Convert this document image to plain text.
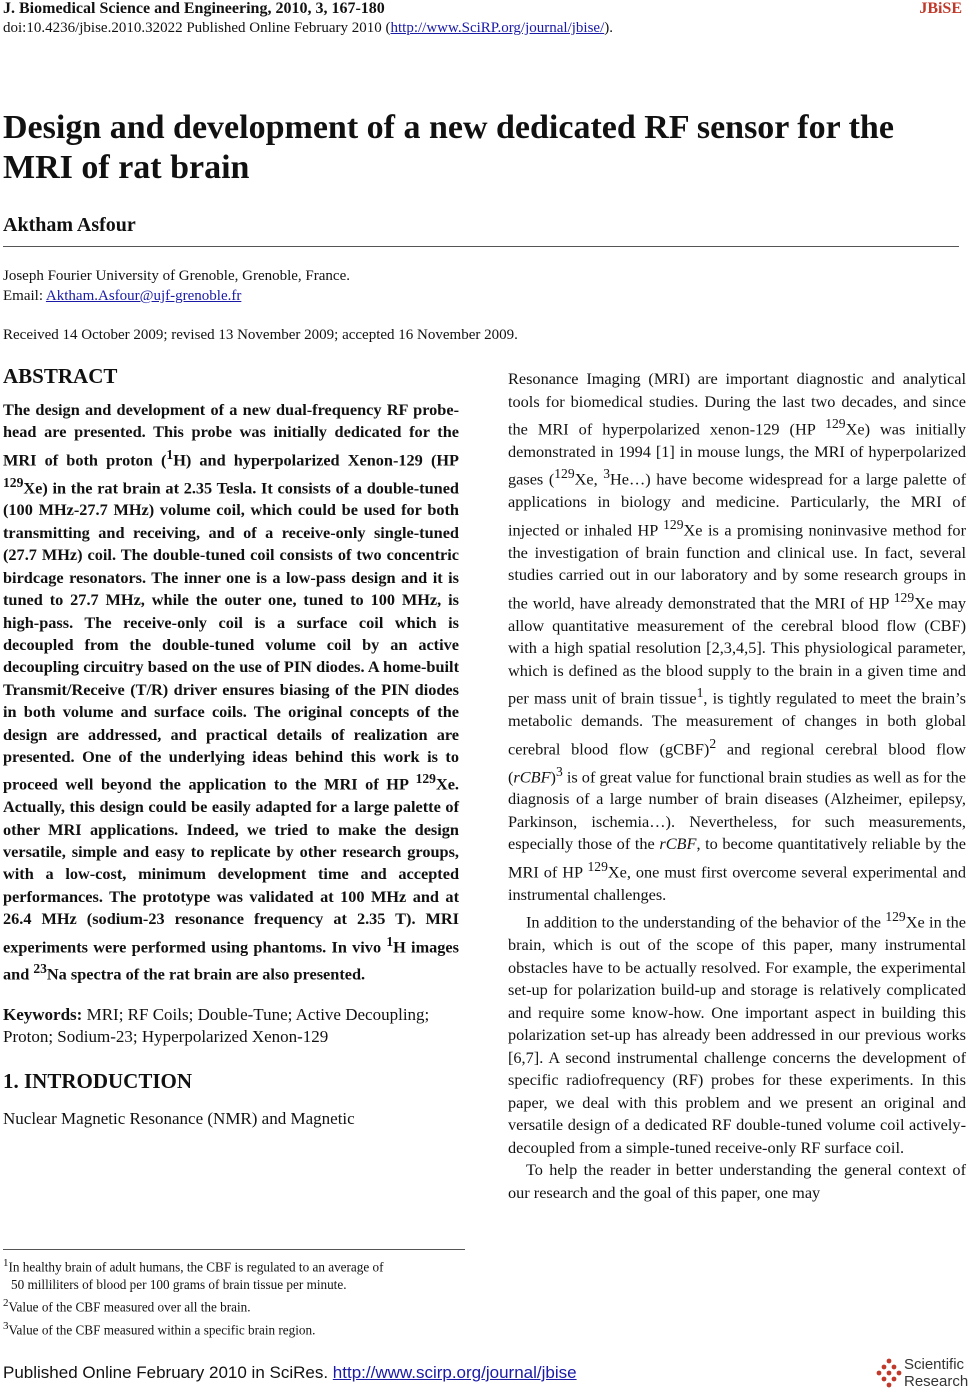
J. Biomedical Science and Engineering, 2010, 3, 167-180	JBiSE
doi:10.4236/jbise.2010.32022 Published Online February 2010 (http://www.SciRP.org/journal/jbise/).
Design and development of a new dedicated RF sensor for the MRI of rat brain
Aktham Asfour
Joseph Fourier University of Grenoble, Grenoble, France.
Email: Aktham.Asfour@ujf-grenoble.fr
Received 14 October 2009; revised 13 November 2009; accepted 16 November 2009.
ABSTRACT

The design and development of a new dual-frequency RF probe-head are presented. This probe was initially dedicated for the MRI of both proton ($^1$H) and hyperpolarized Xenon-129 (HP $^{129}$Xe) in the rat brain at 2.35 Tesla. It consists of a double-tuned (100 MHz-27.7 MHz) volume coil, which could be used for both transmitting and receiving, and of a receive-only single-tuned (27.7 MHz) coil. The double-tuned coil consists of two concentric birdcage resonators. The inner one is a low-pass design and it is tuned to 27.7 MHz, while the outer one, tuned to 100 MHz, is high-pass. The receive-only coil is a surface coil which is decoupled from the double-tuned volume coil by an active decoupling circuitry based on the use of PIN diodes. A home-built Transmit/Receive (T/R) driver ensures biasing of the PIN diodes in both volume and surface coils. The original concepts of the design are addressed, and practical details of realization are presented. One of the underlying ideas behind this work is to proceed well beyond the application to the MRI of HP $^{129}$Xe. Actually, this design could be easily adapted for a large palette of other MRI applications. Indeed, we tried to make the design versatile, simple and easy to replicate by other research groups, with a low-cost, minimum development time and accepted performances. The prototype was validated at 100 MHz and at 26.4 MHz (sodium-23 resonance frequency at 2.35 T). MRI experiments were performed using phantoms. In vivo $^1$H images and $^{23}$Na spectra of the rat brain are also presented.

Keywords: MRI; RF Coils; Double-Tune; Active Decoupling; Proton; Sodium-23; Hyperpolarized Xenon-129

1. INTRODUCTION

Nuclear Magnetic Resonance (NMR) and Magnetic

$^1$In healthy brain of adult humans, the CBF is regulated to an average of

50 milliliters of blood per 100 grams of brain tissue per minute.

$^2$Value of the CBF measured over all the brain.

$^3$Value of the CBF measured within a specific brain region.

Resonance Imaging (MRI) are important diagnostic and analytical tools for biomedical studies. During the last two decades, and since the MRI of hyperpolarized xenon-129 (HP $^{129}$Xe) was initially demonstrated in 1994 [1] in mouse lungs, the MRI of hyperpolarized gases ($^{129}$Xe, $^3$He…) have become widespread for a large palette of applications in biology and medicine. Particularly, the MRI of injected or inhaled HP $^{129}$Xe is a promising noninvasive method for the investigation of brain function and clinical use. In fact, several studies carried out in our laboratory and by some research groups in the world, have already demonstrated that the MRI of HP $^{129}$Xe may allow quantitative measurement of the cerebral blood flow (CBF) with a high spatial resolution [2,3,4,5]. This physiological parameter, which is defined as the blood supply to the brain in a given time and per mass unit of brain tissue$^1$, is tightly regulated to meet the brain’s metabolic demands. The measurement of changes in both global cerebral blood flow (gCBF)$^2$ and regional cerebral blood flow (rCBF)$^3$ is of great value for functional brain studies as well as for the diagnosis of a large number of brain diseases (Alzheimer, epilepsy, Parkinson, ischemia…). Nevertheless, for such measurements, especially those of the rCBF, to become quantitatively reliable by the MRI of HP $^{129}$Xe, one must first overcome several experimental and instrumental challenges.

In addition to the understanding of the behavior of the $^{129}$Xe in the brain, which is out of the scope of this paper, many instrumental obstacles have to be actually resolved. For example, the experimental set-up for polarization build-up and storage is relatively complicated and require some know-how. One important aspect in building this polarization set-up has already been addressed in our previous works [6,7]. A second instrumental challenge concerns the development of specific radiofrequency (RF) probes for these experiments. In this paper, we deal with this problem and we present an original and versatile design of a dedicated RF double-tuned volume coil actively-decoupled from a simple-tuned receive-only RF surface coil.

To help the reader in better understanding the general context of our research and the goal of this paper, one may

Published Online February 2010 in SciRes. http://www.scirp.org/journal/jbise	Scientific
Research
